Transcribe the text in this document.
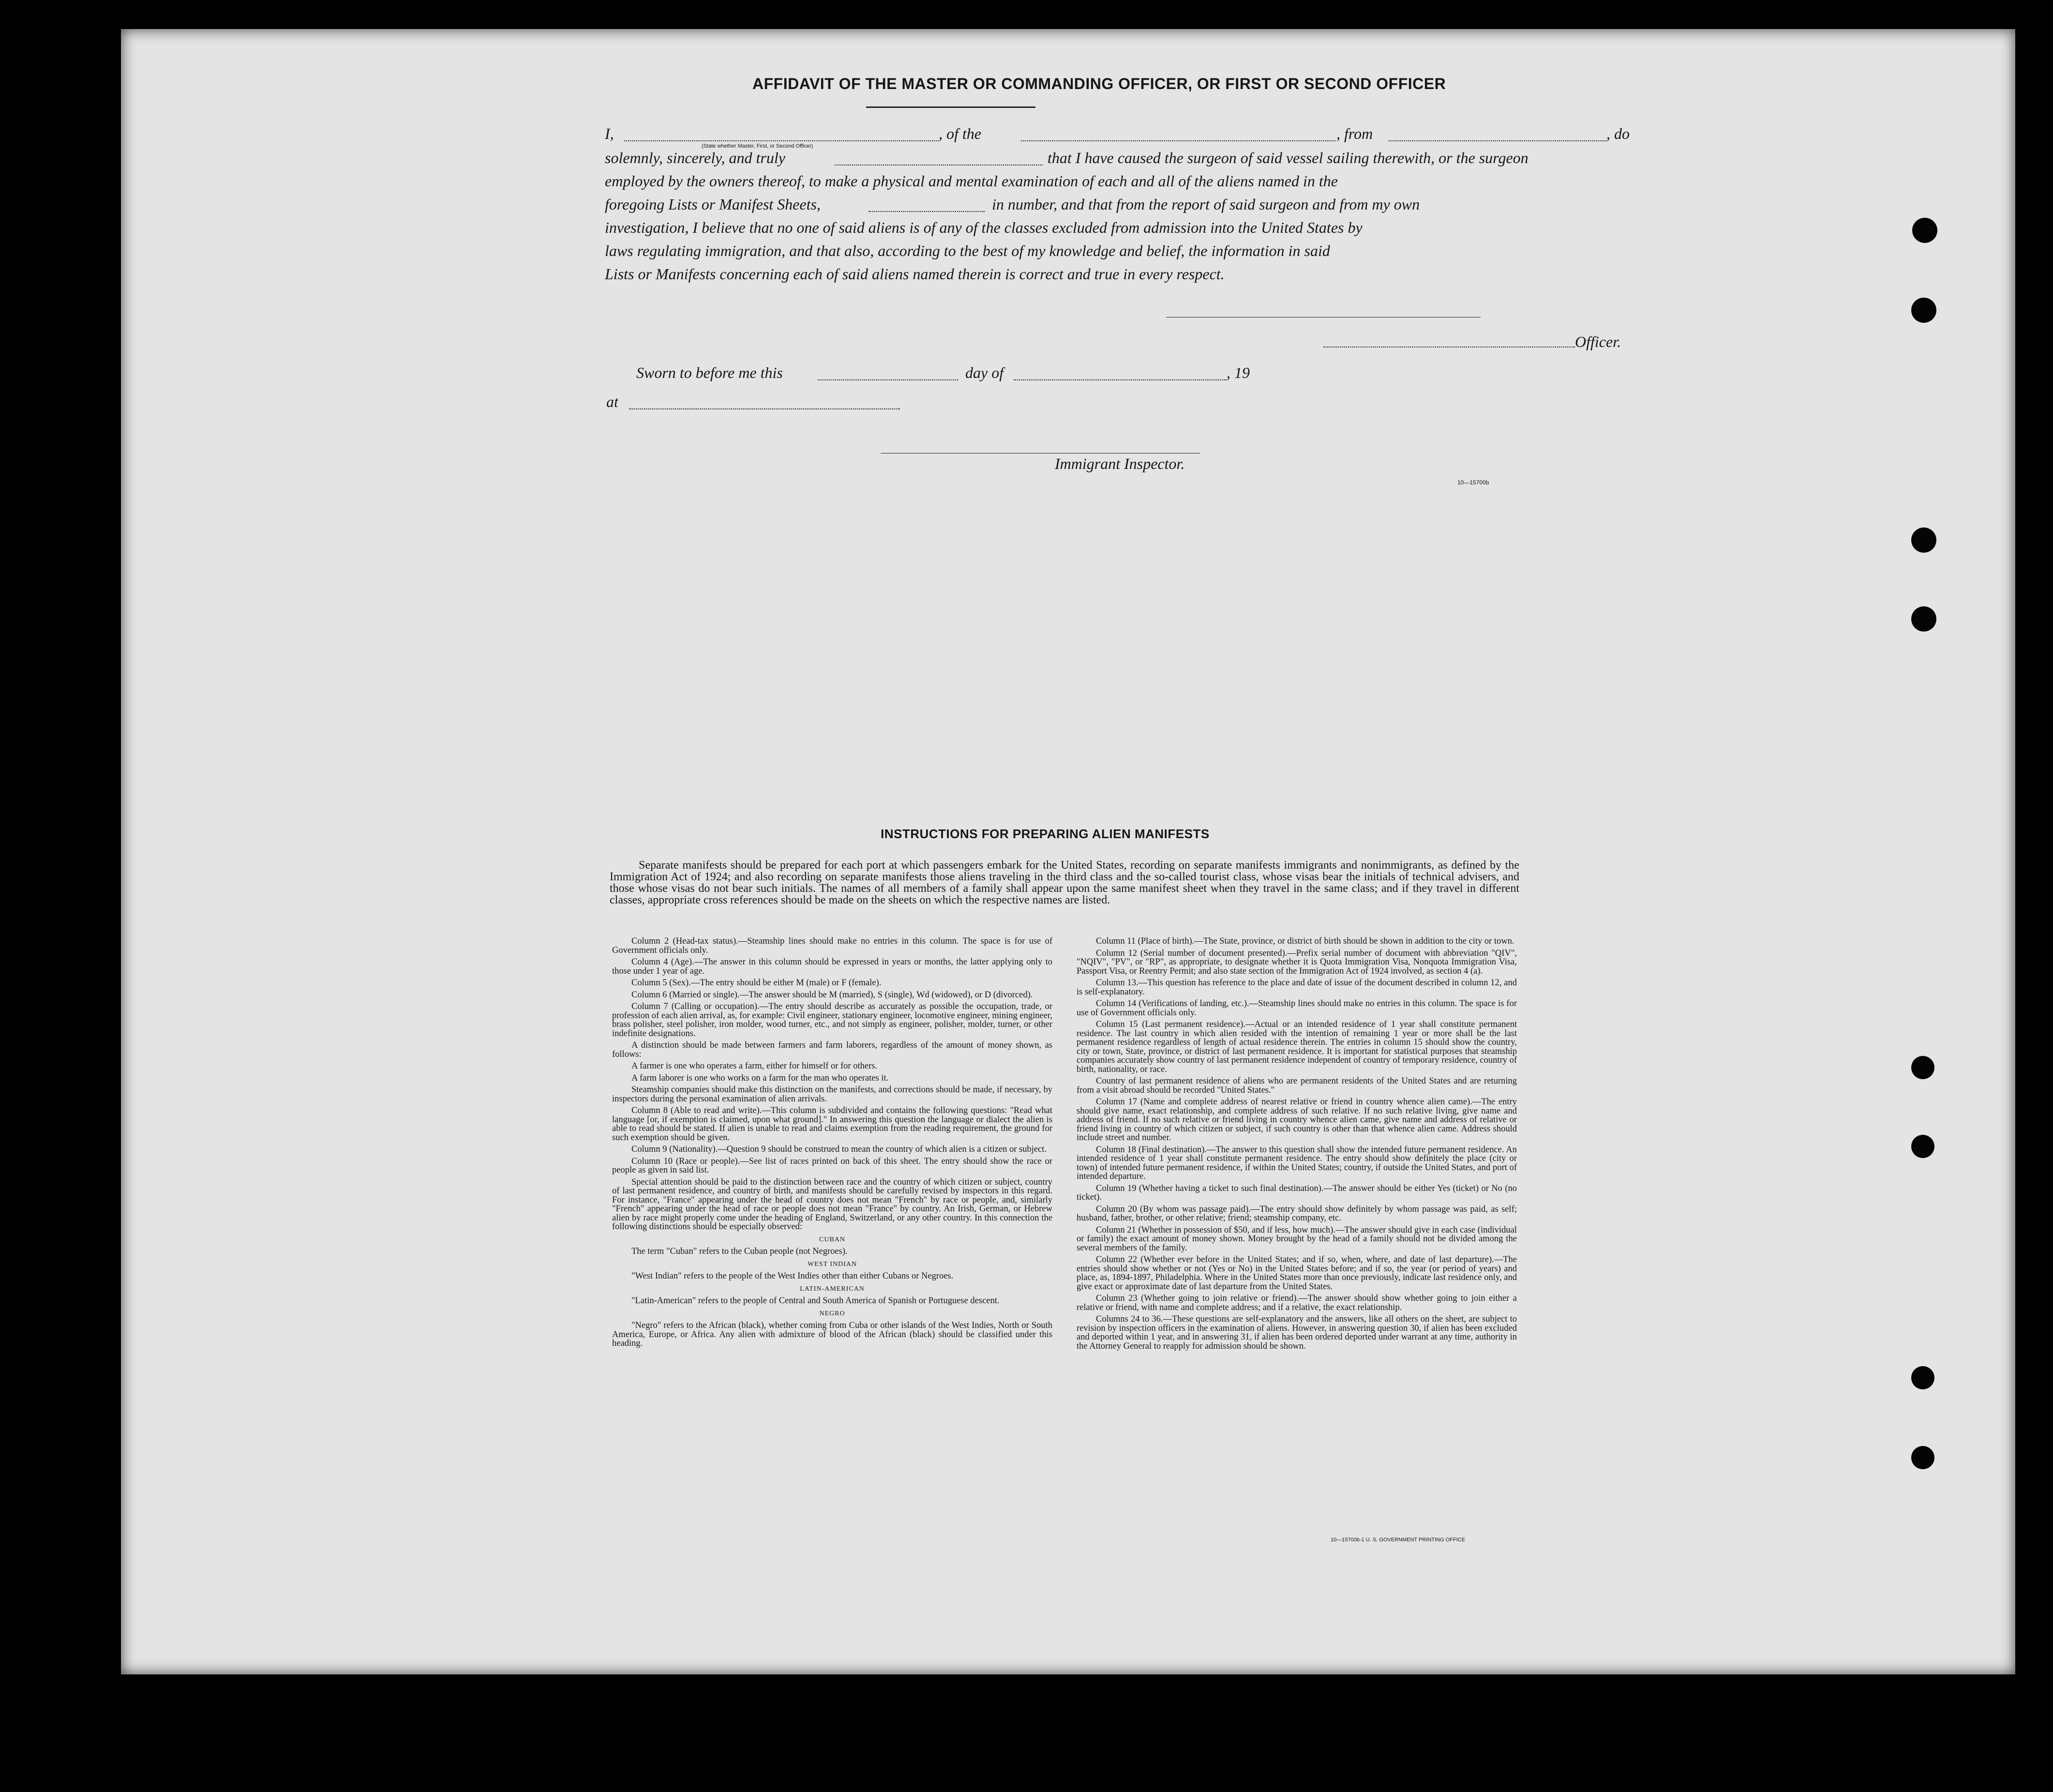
AFFIDAVIT OF THE MASTER OR COMMANDING OFFICER, OR FIRST OR SECOND OFFICER
I,	, of the	, from	, do
(State whether Master, First, or Second Officer)
solemnly, sincerely, and truly	that I have caused the surgeon of said vessel sailing therewith, or the surgeon
employed by the owners thereof, to make a physical and mental examination of each and all of the aliens named in the
foregoing Lists or Manifest Sheets,	in number, and that from the report of said surgeon and from my own
investigation, I believe that no one of said aliens is of any of the classes excluded from admission into the United States by
laws regulating immigration, and that also, according to the best of my knowledge and belief, the information in said
Lists or Manifests concerning each of said aliens named therein is correct and true in every respect.
Officer.
Sworn to before me this	day of	, 19
at
Immigrant Inspector.
10—15700b
INSTRUCTIONS FOR PREPARING ALIEN MANIFESTS
Separate manifests should be prepared for each port at which passengers embark for the United States, recording on separate manifests immigrants and nonimmigrants, as defined by the Immigration Act of 1924; and also recording on separate manifests those aliens traveling in the third class and the so-called tourist class, whose visas bear the initials of technical advisers, and those whose visas do not bear such initials. The names of all members of a family shall appear upon the same manifest sheet when they travel in the same class; and if they travel in different classes, appropriate cross references should be made on the sheets on which the respective names are listed.

Column 2 (Head-tax status).—Steamship lines should make no entries in this column. The space is for use of Government officials only.

Column 4 (Age).—The answer in this column should be expressed in years or months, the latter applying only to those under 1 year of age.

Column 5 (Sex).—The entry should be either M (male) or F (female).

Column 6 (Married or single).—The answer should be M (married), S (single), Wd (widowed), or D (divorced).

Column 7 (Calling or occupation).—The entry should describe as accurately as possible the occupation, trade, or profession of each alien arrival, as, for example: Civil engineer, stationary engineer, locomotive engineer, mining engineer, brass polisher, steel polisher, iron molder, wood turner, etc., and not simply as engineer, polisher, molder, turner, or other indefinite designations.

A distinction should be made between farmers and farm laborers, regardless of the amount of money shown, as follows:

A farmer is one who operates a farm, either for himself or for others.

A farm laborer is one who works on a farm for the man who operates it.

Steamship companies should make this distinction on the manifests, and corrections should be made, if necessary, by inspectors during the personal examination of alien arrivals.

Column 8 (Able to read and write).—This column is subdivided and contains the following questions: "Read what language [or, if exemption is claimed, upon what ground]." In answering this question the language or dialect the alien is able to read should be stated. If alien is unable to read and claims exemption from the reading requirement, the ground for such exemption should be given.

Column 9 (Nationality).—Question 9 should be construed to mean the country of which alien is a citizen or subject.

Column 10 (Race or people).—See list of races printed on back of this sheet. The entry should show the race or people as given in said list.

Special attention should be paid to the distinction between race and the country of which citizen or subject, country of last permanent residence, and country of birth, and manifests should be carefully revised by inspectors in this regard. For instance, "France" appearing under the head of country does not mean "French" by race or people, and, similarly "French" appearing under the head of race or people does not mean "France" by country. An Irish, German, or Hebrew alien by race might properly come under the heading of England, Switzerland, or any other country. In this connection the following distinctions should be especially observed:

CUBAN

The term "Cuban" refers to the Cuban people (not Negroes).

WEST INDIAN

"West Indian" refers to the people of the West Indies other than either Cubans or Negroes.

LATIN-AMERICAN

"Latin-American" refers to the people of Central and South America of Spanish or Portuguese descent.

NEGRO

"Negro" refers to the African (black), whether coming from Cuba or other islands of the West Indies, North or South America, Europe, or Africa. Any alien with admixture of blood of the African (black) should be classified under this heading.

Column 11 (Place of birth).—The State, province, or district of birth should be shown in addition to the city or town.

Column 12 (Serial number of document presented).—Prefix serial number of document with abbreviation "QIV", "NQIV", "PV", or "RP", as appropriate, to designate whether it is Quota Immigration Visa, Nonquota Immigration Visa, Passport Visa, or Reentry Permit; and also state section of the Immigration Act of 1924 involved, as section 4 (a).

Column 13.—This question has reference to the place and date of issue of the document described in column 12, and is self-explanatory.

Column 14 (Verifications of landing, etc.).—Steamship lines should make no entries in this column. The space is for use of Government officials only.

Column 15 (Last permanent residence).—Actual or an intended residence of 1 year shall constitute permanent residence. The last country in which alien resided with the intention of remaining 1 year or more shall be the last permanent residence regardless of length of actual residence therein. The entries in column 15 should show the country, city or town, State, province, or district of last permanent residence. It is important for statistical purposes that steamship companies accurately show country of last permanent residence independent of country of temporary residence, country of birth, nationality, or race.

Country of last permanent residence of aliens who are permanent residents of the United States and are returning from a visit abroad should be recorded "United States."

Column 17 (Name and complete address of nearest relative or friend in country whence alien came).—The entry should give name, exact relationship, and complete address of such relative. If no such relative living, give name and address of friend. If no such relative or friend living in country whence alien came, give name and address of relative or friend living in country of which citizen or subject, if such country is other than that whence alien came. Address should include street and number.

Column 18 (Final destination).—The answer to this question shall show the intended future permanent residence. An intended residence of 1 year shall constitute permanent residence. The entry should show definitely the place (city or town) of intended future permanent residence, if within the United States; country, if outside the United States, and port of intended departure.

Column 19 (Whether having a ticket to such final destination).—The answer should be either Yes (ticket) or No (no ticket).

Column 20 (By whom was passage paid).—The entry should show definitely by whom passage was paid, as self; husband, father, brother, or other relative; friend; steamship company, etc.

Column 21 (Whether in possession of $50, and if less, how much).—The answer should give in each case (individual or family) the exact amount of money shown. Money brought by the head of a family should not be divided among the several members of the family.

Column 22 (Whether ever before in the United States; and if so, when, where, and date of last departure).—The entries should show whether or not (Yes or No) in the United States before; and if so, the year (or period of years) and place, as, 1894-1897, Philadelphia. Where in the United States more than once previously, indicate last residence only, and give exact or approximate date of last departure from the United States.

Column 23 (Whether going to join relative or friend).—The answer should show whether going to join either a relative or friend, with name and complete address; and if a relative, the exact relationship.

Columns 24 to 36.—These questions are self-explanatory and the answers, like all others on the sheet, are subject to revision by inspection officers in the examination of aliens. However, in answering question 30, if alien has been excluded and deported within 1 year, and in answering 31, if alien has been ordered deported under warrant at any time, authority in the Attorney General to reapply for admission should be shown.

10—15700b-1 U. S. GOVERNMENT PRINTING OFFICE
